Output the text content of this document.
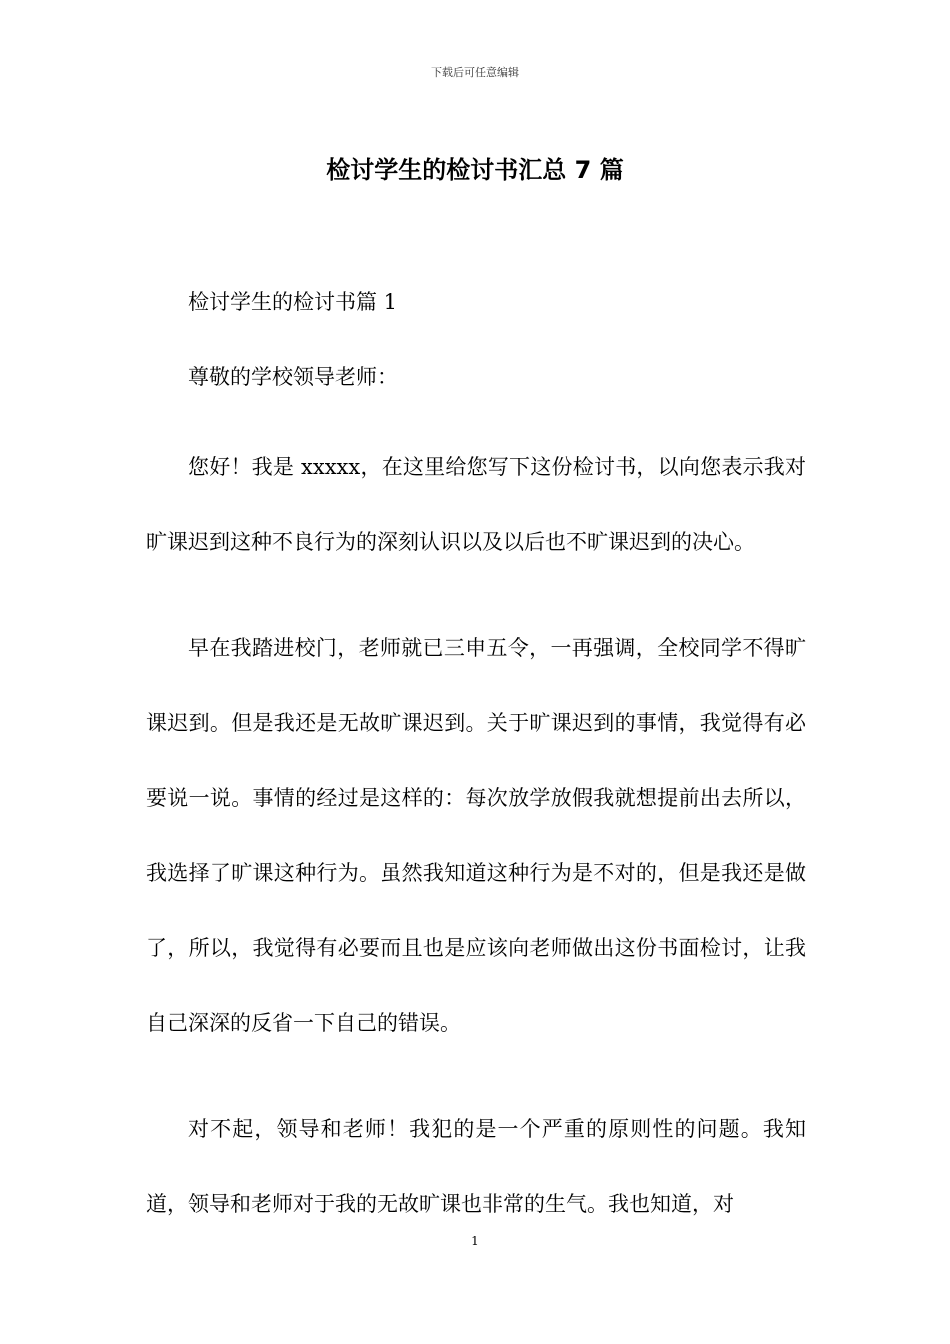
下载后可任意编辑
检讨学生的检讨书汇总 7 篇

检讨学生的检讨书篇 1

尊敬的学校领导老师：

您好！我是 xxxxx，在这里给您写下这份检讨书，以向您表示我对旷课迟到这种不良行为的深刻认识以及以后也不旷课迟到的决心。

早在我踏进校门，老师就已三申五令，一再强调，全校同学不得旷课迟到。但是我还是无故旷课迟到。关于旷课迟到的事情，我觉得有必要说一说。事情的经过是这样的：每次放学放假我就想提前出去所以，我选择了旷课这种行为。虽然我知道这种行为是不对的，但是我还是做了，所以，我觉得有必要而且也是应该向老师做出这份书面检讨，让我自己深深的反省一下自己的错误。

对不起，领导和老师！我犯的是一个严重的原则性的问题。我知道，领导和老师对于我的无故旷课也非常的生气。我也知道，对

1
